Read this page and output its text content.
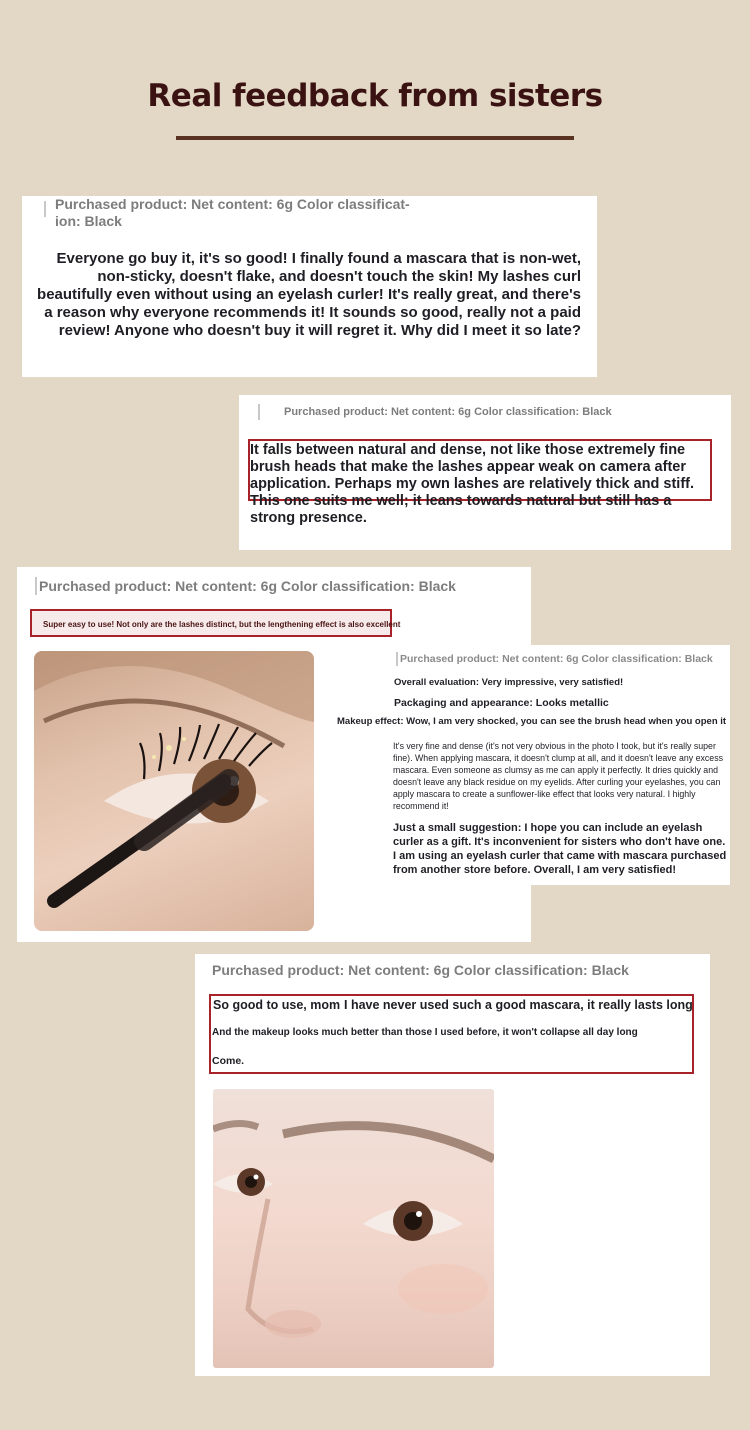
Real feedback from sisters
Purchased product: Net content: 6g Color classificat-ion: Black
Everyone go buy it, it's so good! I finally found a mascara that is non-wet, non-sticky, doesn't flake, and doesn't touch the skin! My lashes curl beautifully even without using an eyelash curler! It's really great, and there's a reason why everyone recommends it! It sounds so good, really not a paid review! Anyone who doesn't buy it will regret it. Why did I meet it so late?
Purchased product: Net content: 6g Color classification: Black
It falls between natural and dense, not like those extremely fine brush heads that make the lashes appear weak on camera after application. Perhaps my own lashes are relatively thick and stiff. This one suits me well; it leans towards natural but still has a strong presence.
Purchased product: Net content: 6g Color classification: Black
Super easy to use! Not only are the lashes distinct, but the lengthening effect is also excellent
Purchased product: Net content: 6g Color classification: Black
Overall evaluation: Very impressive, very satisfied!
Packaging and appearance: Looks metallic
Makeup effect: Wow, I am very shocked, you can see the brush head when you open it
It's very fine and dense (it's not very obvious in the photo I took, but it's really super fine). When applying mascara, it doesn't clump at all, and it doesn't leave any excess mascara. Even someone as clumsy as me can apply it perfectly. It dries quickly and doesn't leave any black residue on my eyelids. After curling your eyelashes, you can apply mascara to create a sunflower-like effect that looks very natural. I highly recommend it!
Just a small suggestion: I hope you can include an eyelash curler as a gift. It's inconvenient for sisters who don't have one. I am using an eyelash curler that came with mascara purchased from another store before. Overall, I am very satisfied!
Purchased product: Net content: 6g Color classification: Black
So good to use, mom I have never used such a good mascara, it really lasts long
And the makeup looks much better than those I used before, it won't collapse all day long
Come.
